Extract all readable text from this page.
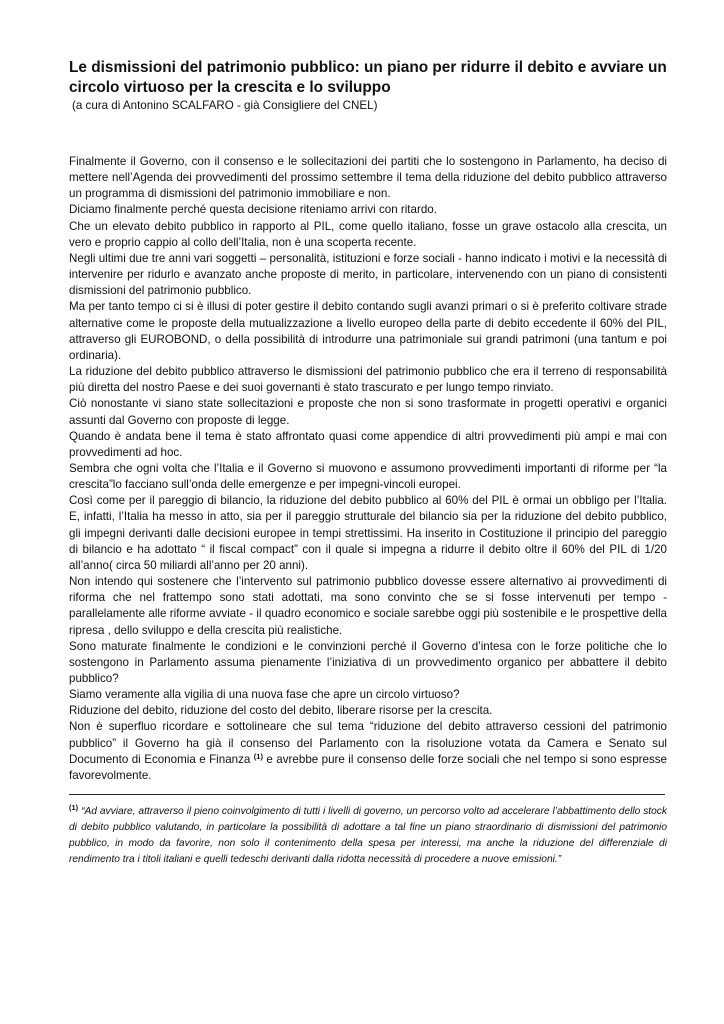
Le dismissioni del patrimonio pubblico: un piano per ridurre il debito e avviare un circolo virtuoso per la crescita e lo sviluppo

(a cura di Antonino SCALFARO - già Consigliere del CNEL)

Finalmente il Governo, con il consenso e le sollecitazioni dei partiti che lo sostengono in Parlamento, ha deciso di mettere nell’Agenda dei provvedimenti del prossimo settembre il tema della riduzione del debito pubblico attraverso un programma di dismissioni del patrimonio immobiliare e non.

Diciamo finalmente perché questa decisione riteniamo arrivi con ritardo.

Che un elevato debito pubblico in rapporto al PIL, come quello italiano, fosse un grave ostacolo alla crescita, un vero e proprio cappio al collo dell’Italia, non è una scoperta recente.

Negli ultimi due tre anni vari soggetti – personalità, istituzioni e forze sociali - hanno indicato i motivi e la necessità di intervenire per ridurlo e avanzato anche proposte di merito, in particolare, intervenendo con un piano di consistenti dismissioni del patrimonio pubblico.

Ma per tanto tempo ci si è illusi di poter gestire il debito contando sugli avanzi primari o si è preferito coltivare strade alternative come le proposte della mutualizzazione a livello europeo della parte di debito eccedente il 60% del PIL, attraverso gli EUROBOND, o della possibilità di introdurre una patrimoniale sui grandi patrimoni (una tantum e poi ordinaria).

La riduzione del debito pubblico attraverso le dismissioni del patrimonio pubblico che era il terreno di responsabilità più diretta del nostro Paese e dei suoi governanti è stato trascurato e per lungo tempo rinviato.

Ciò nonostante vi siano state sollecitazioni e proposte che non si sono trasformate in progetti operativi e organici assunti dal Governo con proposte di legge.

Quando è andata bene il tema è stato affrontato quasi come appendice di altri provvedimenti più ampi e mai con provvedimenti ad hoc.

Sembra che ogni volta che l’Italia e il Governo si muovono e assumono provvedimenti importanti di riforme per “la crescita”lo facciano sull’onda delle emergenze e per impegni-vincoli europei.

Così come per il pareggio di bilancio, la riduzione del debito pubblico al 60% del PIL è ormai un obbligo per l’Italia. E, infatti, l’Italia ha messo in atto, sia per il pareggio strutturale del bilancio sia per la riduzione del debito pubblico, gli impegni derivanti dalle decisioni europee in tempi strettissimi. Ha inserito in Costituzione il principio del pareggio di bilancio e ha adottato “ il fiscal compact” con il quale si impegna a ridurre il debito oltre il 60% del PIL di 1/20 all’anno( circa 50 miliardi all’anno per 20 anni).

Non intendo qui sostenere che l’intervento sul patrimonio pubblico dovesse essere alternativo ai provvedimenti di riforma che nel frattempo sono stati adottati, ma sono convinto che se si fosse intervenuti per tempo - parallelamente alle riforme avviate - il quadro economico e sociale sarebbe oggi più sostenibile e le prospettive della ripresa , dello sviluppo e della crescita più realistiche.

Sono maturate finalmente le condizioni e le convinzioni perché il Governo d’intesa con le forze politiche che lo sostengono in Parlamento assuma pienamente l’iniziativa di un provvedimento organico per abbattere il debito pubblico?

Siamo veramente alla vigilia di una nuova fase che apre un circolo virtuoso?

Riduzione del debito, riduzione del costo del debito, liberare risorse per la crescita.

Non è superfluo ricordare e sottolineare che sul tema “riduzione del debito attraverso cessioni del patrimonio pubblico” il Governo ha già il consenso del Parlamento con la risoluzione votata da Camera e Senato sul Documento di Economia e Finanza $^{(1)}$ e avrebbe pure il consenso delle forze sociali che nel tempo si sono espresse favorevolmente.

$^{(1)}$ “Ad avviare, attraverso il pieno coinvolgimento di tutti i livelli di governo, un percorso volto ad accelerare l’abbattimento dello stock di debito pubblico valutando, in particolare la possibilità di adottare a tal fine un piano straordinario di dismissioni del patrimonio pubblico, in modo da favorire, non solo il contenimento della spesa per interessi, ma anche la riduzione del differenziale di rendimento tra i titoli italiani e quelli tedeschi derivanti dalla ridotta necessità di procedere a nuove emissioni.”
